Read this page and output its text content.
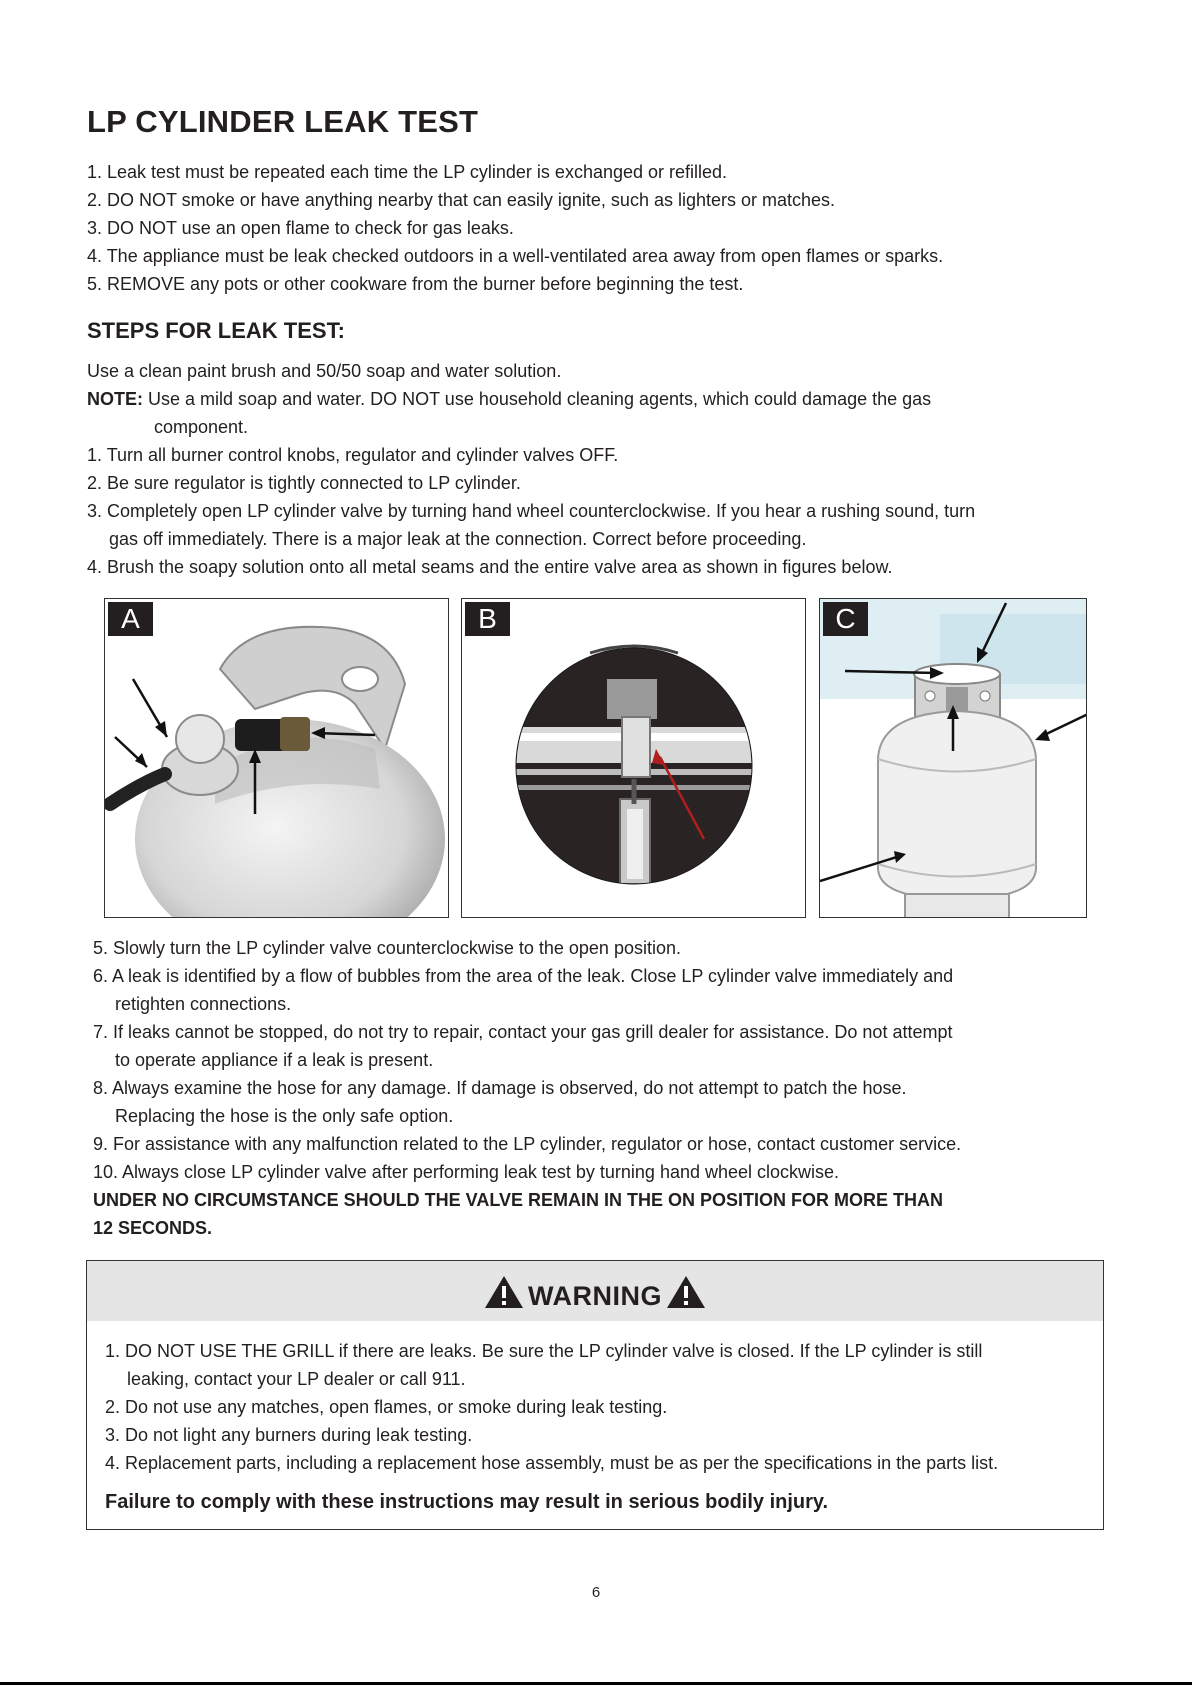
LP CYLINDER LEAK TEST
1. Leak test must be repeated each time the LP cylinder is exchanged or refilled.
2. DO NOT smoke or have anything nearby that can easily ignite, such as lighters or matches.
3. DO NOT use an open flame to check for gas leaks.
4. The appliance must be leak checked outdoors in a well-ventilated area away from open flames or sparks.
5. REMOVE any pots or other cookware from the burner before beginning the test.
STEPS FOR LEAK TEST:
Use a clean paint brush and 50/50 soap and water solution.
NOTE: Use a mild soap and water. DO NOT use household cleaning agents, which could damage the gas
component.
1. Turn all burner control knobs, regulator and cylinder valves OFF.
2. Be sure regulator is tightly connected to LP cylinder.
3. Completely open LP cylinder valve by turning hand wheel counterclockwise. If you hear a rushing sound, turn
gas off immediately. There is a major leak at the connection. Correct before proceeding.
4. Brush the soapy solution onto all metal seams and the entire valve area as shown in figures below.
A	B	C
5. Slowly turn the LP cylinder valve counterclockwise to the open position.
6. A leak is identified by a flow of bubbles from the area of the leak. Close LP cylinder valve immediately and
retighten connections.
7. If leaks cannot be stopped, do not try to repair, contact your gas grill dealer for assistance. Do not attempt
to operate appliance if a leak is present.
8. Always examine the hose for any damage. If damage is observed, do not attempt to patch the hose.
Replacing the hose is the only safe option.
9. For assistance with any malfunction related to the LP cylinder, regulator or hose, contact customer service.
10. Always close LP cylinder valve after performing leak test by turning hand wheel clockwise.
UNDER NO CIRCUMSTANCE SHOULD THE VALVE REMAIN IN THE ON POSITION FOR MORE THAN
12 SECONDS.
WARNING
1. DO NOT USE THE GRILL if there are leaks. Be sure the LP cylinder valve is closed. If the LP cylinder is still
leaking, contact your LP dealer or call 911.
2. Do not use any matches, open flames, or smoke during leak testing.
3. Do not light any burners during leak testing.
4. Replacement parts, including a replacement hose assembly, must be as per the specifications in the parts list.
Failure to comply with these instructions may result in serious bodily injury.
6
